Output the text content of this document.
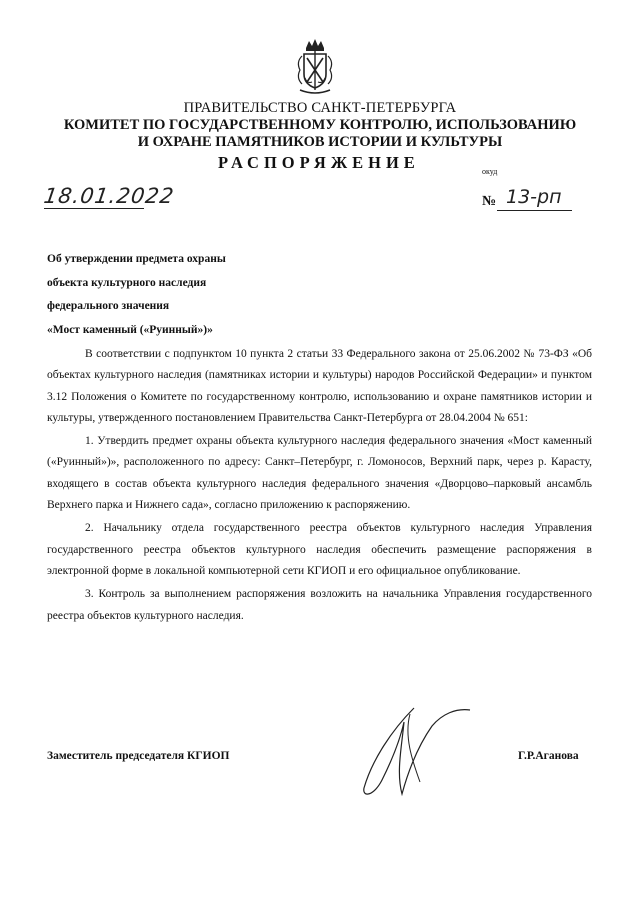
ПРАВИТЕЛЬСТВО САНКТ-ПЕТЕРБУРГА
КОМИТЕТ ПО ГОСУДАРСТВЕННОМУ КОНТРОЛЮ, ИСПОЛЬЗОВАНИЮ
И ОХРАНЕ ПАМЯТНИКОВ ИСТОРИИ И КУЛЬТУРЫ
РАСПОРЯЖЕНИЕ	окуд
18.01.2022	№ 13-рп
Об утверждении предмета охраны
объекта культурного наследия
федерального значения
«Мост каменный («Руинный»)»

В соответствии с подпунктом 10 пункта 2 статьи 33 Федерального закона от 25.06.2002 № 73-ФЗ «Об объектах культурного наследия (памятниках истории и культуры) народов Российской Федерации» и пунктом 3.12 Положения о Комитете по государственному контролю, использованию и охране памятников истории и культуры, утвержденного постановлением Правительства Санкт-Петербурга от 28.04.2004 № 651:

1. Утвердить предмет охраны объекта культурного наследия федерального значения «Мост каменный («Руинный»)», расположенного по адресу: Санкт–Петербург, г. Ломоносов, Верхний парк, через р. Карасту, входящего в состав объекта культурного наследия федерального значения «Дворцово–парковый ансамбль Верхнего парка и Нижнего сада», согласно приложению к распоряжению.

2. Начальнику отдела государственного реестра объектов культурного наследия Управления государственного реестра объектов культурного наследия обеспечить размещение распоряжения в электронной форме в локальной компьютерной сети КГИОП и его официальное опубликование.

3. Контроль за выполнением распоряжения возложить на начальника Управления государственного реестра объектов культурного наследия.

Заместитель председателя КГИОП	Г.Р.Аганова
